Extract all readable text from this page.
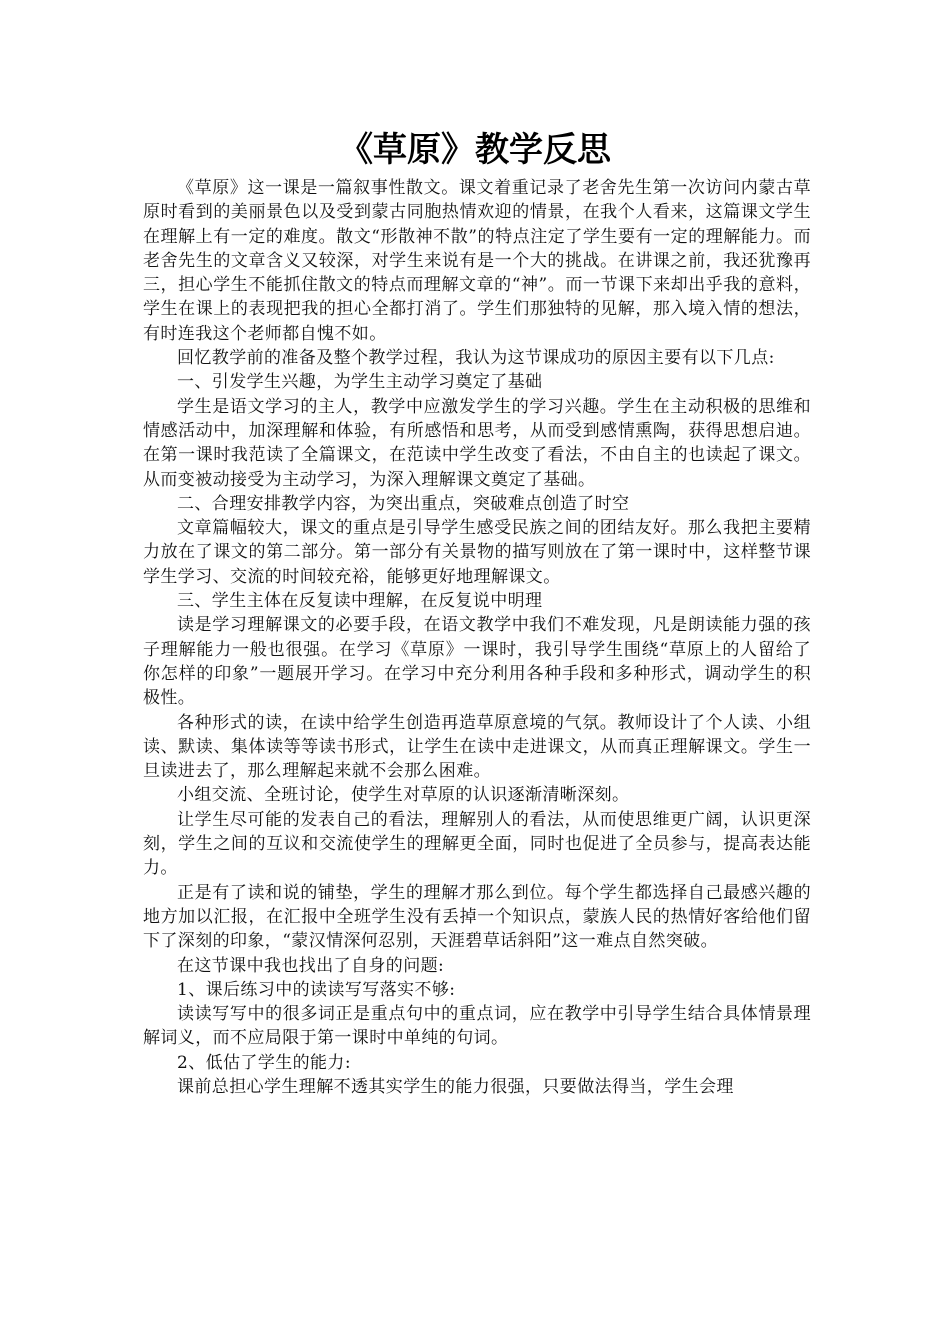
《草原》教学反思

《草原》这一课是一篇叙事性散文。课文着重记录了老舍先生第一次访问内蒙古草原时看到的美丽景色以及受到蒙古同胞热情欢迎的情景，在我个人看来，这篇课文学生在理解上有一定的难度。散文“形散神不散”的特点注定了学生要有一定的理解能力。而老舍先生的文章含义又较深，对学生来说有是一个大的挑战。在讲课之前，我还犹豫再三，担心学生不能抓住散文的特点而理解文章的“神”。而一节课下来却出乎我的意料，学生在课上的表现把我的担心全都打消了。学生们那独特的见解，那入境入情的想法，有时连我这个老师都自愧不如。

回忆教学前的准备及整个教学过程，我认为这节课成功的原因主要有以下几点:

一、引发学生兴趣，为学生主动学习奠定了基础

学生是语文学习的主人，教学中应激发学生的学习兴趣。学生在主动积极的思维和情感活动中，加深理解和体验，有所感悟和思考，从而受到感情熏陶，获得思想启迪。在第一课时我范读了全篇课文，在范读中学生改变了看法，不由自主的也读起了课文。从而变被动接受为主动学习，为深入理解课文奠定了基础。

二、合理安排教学内容，为突出重点，突破难点创造了时空

文章篇幅较大，课文的重点是引导学生感受民族之间的团结友好。那么我把主要精力放在了课文的第二部分。第一部分有关景物的描写则放在了第一课时中，这样整节课学生学习、交流的时间较充裕，能够更好地理解课文。

三、学生主体在反复读中理解，在反复说中明理

读是学习理解课文的必要手段，在语文教学中我们不难发现，凡是朗读能力强的孩子理解能力一般也很强。在学习《草原》一课时，我引导学生围绕“草原上的人留给了你怎样的印象”一题展开学习。在学习中充分利用各种手段和多种形式，调动学生的积极性。

各种形式的读，在读中给学生创造再造草原意境的气氛。教师设计了个人读、小组读、默读、集体读等等读书形式，让学生在读中走进课文，从而真正理解课文。学生一旦读进去了，那么理解起来就不会那么困难。

小组交流、全班讨论，使学生对草原的认识逐渐清晰深刻。

让学生尽可能的发表自己的看法，理解别人的看法，从而使思维更广阔，认识更深刻，学生之间的互议和交流使学生的理解更全面，同时也促进了全员参与，提高表达能力。

正是有了读和说的铺垫，学生的理解才那么到位。每个学生都选择自己最感兴趣的地方加以汇报，在汇报中全班学生没有丢掉一个知识点，蒙族人民的热情好客给他们留下了深刻的印象，“蒙汉情深何忍别，天涯碧草话斜阳”这一难点自然突破。

在这节课中我也找出了自身的问题:

1、课后练习中的读读写写落实不够:

读读写写中的很多词正是重点句中的重点词，应在教学中引导学生结合具体情景理解词义，而不应局限于第一课时中单纯的句词。

2、低估了学生的能力:

课前总担心学生理解不透其实学生的能力很强，只要做法得当，学生会理
